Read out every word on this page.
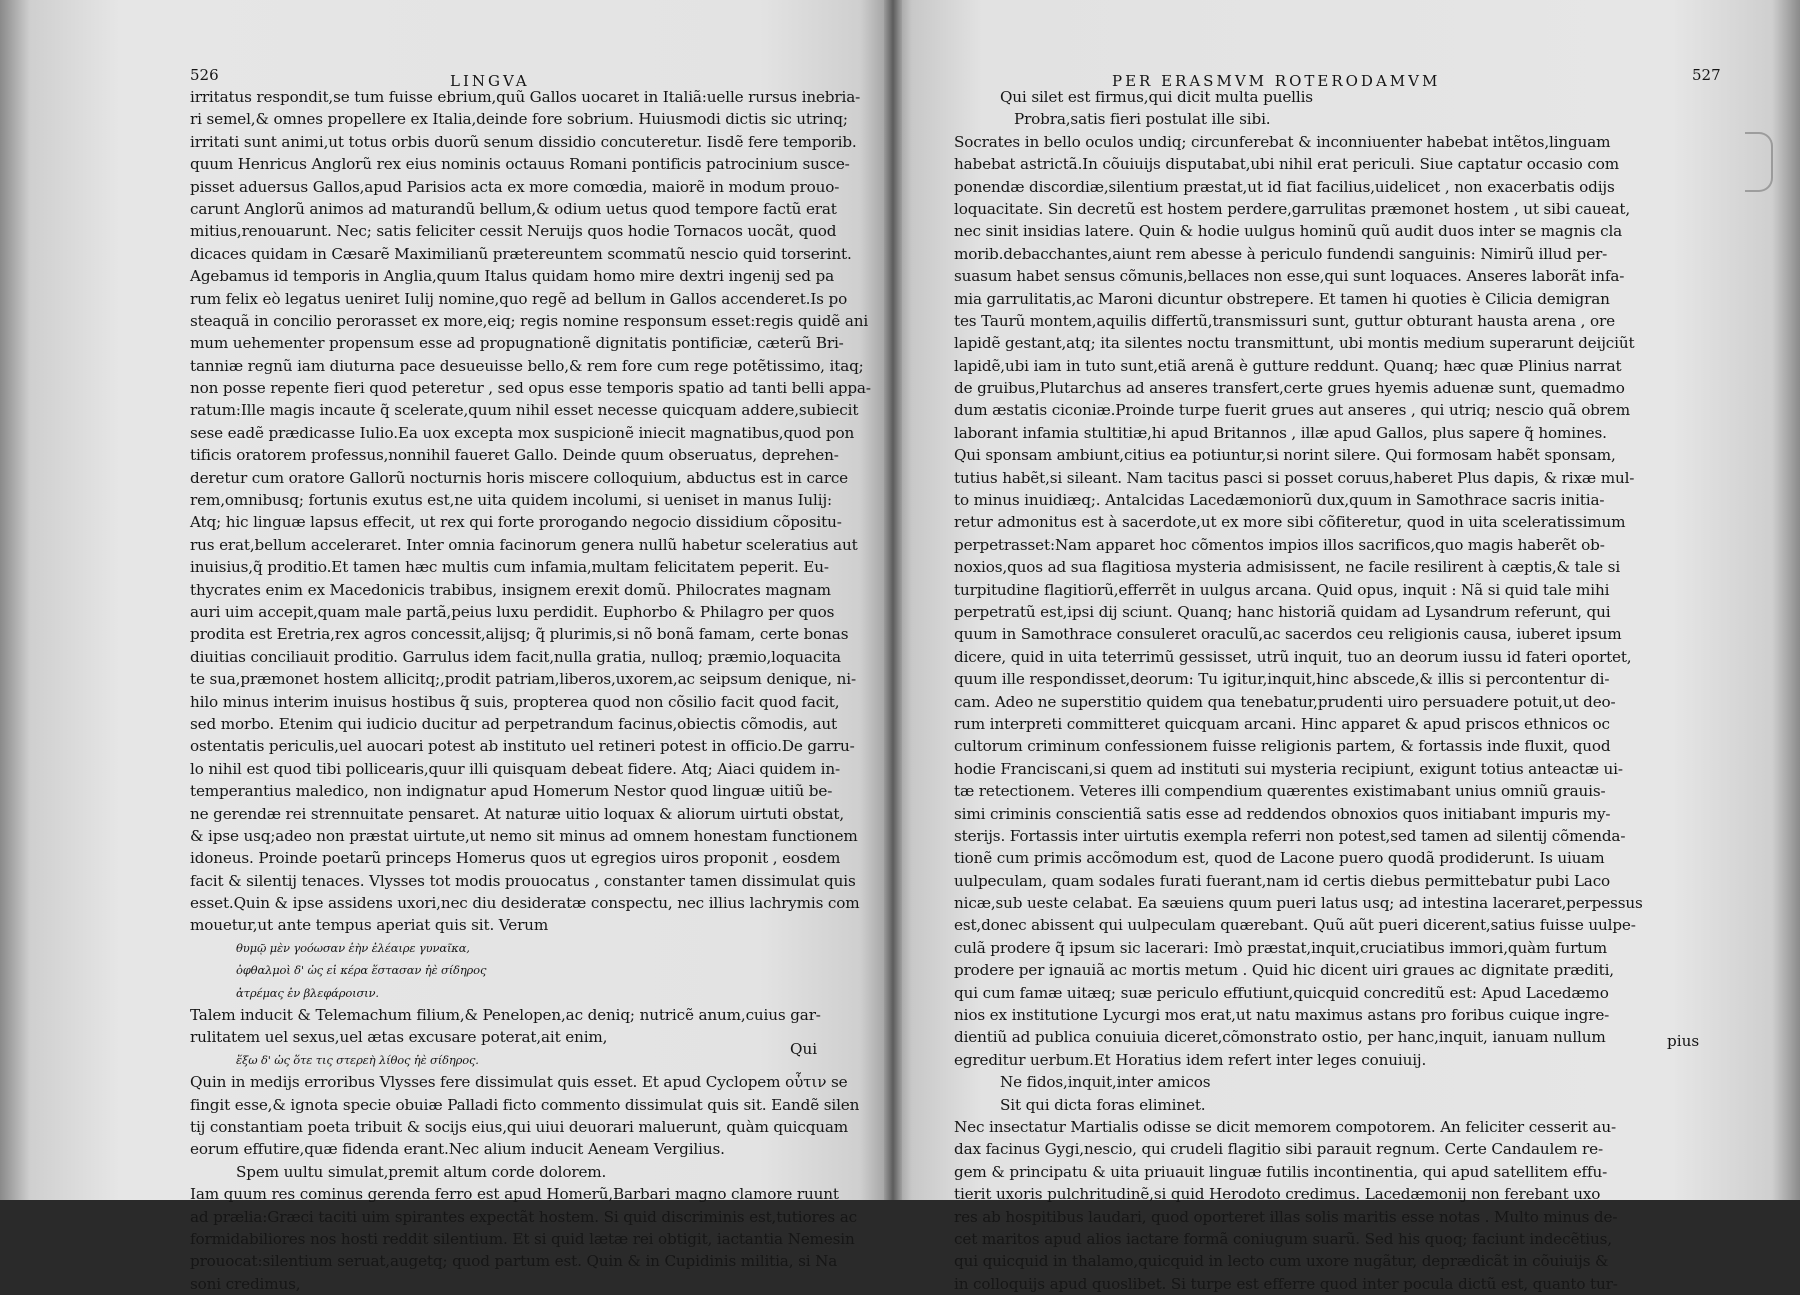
526	LINGVA
irritatus respondit,se tum fuisse ebrium,quũ Gallos uocaret in Italiã:uelle rursus inebria-
ri semel,& omnes propellere ex Italia,deinde fore sobrium. Huiusmodi dictis sic utrinq;
irritati sunt animi,ut totus orbis duorũ senum dissidio concuteretur. Iisdẽ fere temporib.
quum Henricus Anglorũ rex eius nominis octauus Romani pontificis patrocinium susce-
pisset aduersus Gallos,apud Parisios acta ex more comœdia, maiorẽ in modum prouo-
carunt Anglorũ animos ad maturandũ bellum,& odium uetus quod tempore factũ erat
mitius,renouarunt. Nec; satis feliciter cessit Neruijs quos hodie Tornacos uocãt, quod
dicaces quidam in Cæsarẽ Maximilianũ prætereuntem scommatũ nescio quid torserint.
Agebamus id temporis in Anglia,quum Italus quidam homo mire dextri ingenij sed pa
rum felix eò legatus ueniret Iulij nomine,quo regẽ ad bellum in Gallos accenderet.Is po
steaquã in concilio perorasset ex more,eiq; regis nomine responsum esset:regis quidẽ ani
mum uehementer propensum esse ad propugnationẽ dignitatis pontificiæ, cæterũ Bri-
tanniæ regnũ iam diuturna pace desueuisse bello,& rem fore cum rege potẽtissimo, itaq;
non posse repente fieri quod peteretur , sed opus esse temporis spatio ad tanti belli appa-
ratum:Ille magis incaute q̃ scelerate,quum nihil esset necesse quicquam addere,subiecit
sese eadẽ prædicasse Iulio.Ea uox excepta mox suspicionẽ iniecit magnatibus,quod pon
tificis oratorem professus,nonnihil faueret Gallo. Deinde quum obseruatus, deprehen-
deretur cum oratore Gallorũ nocturnis horis miscere colloquium, abductus est in carce
rem,omnibusq; fortunis exutus est,ne uita quidem incolumi, si ueniset in manus Iulij:
Atq; hic linguæ lapsus effecit, ut rex qui forte prorogando negocio dissidium cõpositu-
rus erat,bellum acceleraret. Inter omnia facinorum genera nullũ habetur sceleratius aut
inuisius,q̃ proditio.Et tamen hæc multis cum infamia,multam felicitatem peperit. Eu-
thycrates enim ex Macedonicis trabibus, insignem erexit domũ. Philocrates magnam
auri uim accepit,quam male partã,peius luxu perdidit. Euphorbo & Philagro per quos
prodita est Eretria,rex agros concessit,alijsq; q̃ plurimis,si nõ bonã famam, certe bonas
diuitias conciliauit proditio. Garrulus idem facit,nulla gratia, nulloq; præmio,loquacita
te sua,præmonet hostem allicitq;,prodit patriam,liberos,uxorem,ac seipsum denique, ni-
hilo minus interim inuisus hostibus q̃ suis, propterea quod non cõsilio facit quod facit,
sed morbo. Etenim qui iudicio ducitur ad perpetrandum facinus,obiectis cõmodis, aut
ostentatis periculis,uel auocari potest ab instituto uel retineri potest in officio.De garru-
lo nihil est quod tibi pollicearis,quur illi quisquam debeat fidere. Atq; Aiaci quidem in-
temperantius maledico, non indignatur apud Homerum Nestor quod linguæ uitiũ be-
ne gerendæ rei strennuitate pensaret. At naturæ uitio loquax & aliorum uirtuti obstat,
& ipse usq;adeo non præstat uirtute,ut nemo sit minus ad omnem honestam functionem
idoneus. Proinde poetarũ princeps Homerus quos ut egregios uiros proponit , eosdem
facit & silentij tenaces. Vlysses tot modis prouocatus , constanter tamen dissimulat quis
esset.Quin & ipse assidens uxori,nec diu desideratæ conspectu, nec illius lachrymis com
mouetur,ut ante tempus aperiat quis sit. Verum
θυμῷ μὲν γοόωσαν ἑὴν ἐλέαιρε γυναῖκα,
ὀφθαλμοὶ δ' ὡς εἰ κέρα ἕστασαν ἠὲ σίδηρος
ἀτρέμας ἐν βλεφάροισιν.
Talem inducit & Telemachum filium,& Penelopen,ac deniq; nutricẽ anum,cuius gar-
rulitatem uel sexus,uel ætas excusare poterat,ait enim,
ἕξω δ' ὡς ὅτε τις στερεὴ λίθος ἠὲ σίδηρος.
Quin in medijs erroribus Vlysses fere dissimulat quis esset. Et apud Cyclopem οὖτιν se
fingit esse,& ignota specie obuiæ Palladi ficto commento dissimulat quis sit. Eandẽ silen
tij constantiam poeta tribuit & socijs eius,qui uiui deuorari maluerunt, quàm quicquam
eorum effutire,quæ fidenda erant.Nec alium inducit Aeneam Vergilius.
Spem uultu simulat,premit altum corde dolorem.
Iam quum res cominus gerenda ferro est apud Homerũ,Barbari magno clamore ruunt
ad prælia:Græci taciti uim spirantes expectãt hostem. Si quid discriminis est,tutiores ac
formidabiliores nos hosti reddit silentium. Et si quid lætæ rei obtigit, iactantia Nemesin
prouocat:silentium seruat,augetq; quod partum est. Quin & in Cupidinis militia, si Na
soni credimus,
Qui
PER ERASMVM ROTERODAMVM	527
Qui silet est firmus,qui dicit multa puellis
Probra,satis fieri postulat ille sibi.
Socrates in bello oculos undiq; circunferebat & inconniuenter habebat intẽtos,linguam
habebat astrictã.In cõuiuijs disputabat,ubi nihil erat periculi. Siue captatur occasio com
ponendæ discordiæ,silentium præstat,ut id fiat facilius,uidelicet , non exacerbatis odijs
loquacitate. Sin decretũ est hostem perdere,garrulitas præmonet hostem , ut sibi caueat,
nec sinit insidias latere. Quin & hodie uulgus hominũ quũ audit duos inter se magnis cla
morib.debacchantes,aiunt rem abesse à periculo fundendi sanguinis: Nimirũ illud per-
suasum habet sensus cõmunis,bellaces non esse,qui sunt loquaces. Anseres laborãt infa-
mia garrulitatis,ac Maroni dicuntur obstrepere. Et tamen hi quoties è Cilicia demigran
tes Taurũ montem,aquilis differtũ,transmissuri sunt, guttur obturant hausta arena , ore
lapidẽ gestant,atq; ita silentes noctu transmittunt, ubi montis medium superarunt deijciũt
lapidẽ,ubi iam in tuto sunt,etiã arenã è gutture reddunt. Quanq; hæc quæ Plinius narrat
de gruibus,Plutarchus ad anseres transfert,certe grues hyemis aduenæ sunt, quemadmo
dum æstatis ciconiæ.Proinde turpe fuerit grues aut anseres , qui utriq; nescio quã obrem
laborant infamia stultitiæ,hi apud Britannos , illæ apud Gallos, plus sapere q̃ homines.
Qui sponsam ambiunt,citius ea potiuntur,si norint silere. Qui formosam habẽt sponsam,
tutius habẽt,si sileant. Nam tacitus pasci si posset coruus,haberet Plus dapis, & rixæ mul-
to minus inuidiæq;. Antalcidas Lacedæmoniorũ dux,quum in Samothrace sacris initia-
retur admonitus est à sacerdote,ut ex more sibi cõfiteretur, quod in uita sceleratissimum
perpetrasset:Nam apparet hoc cõmentos impios illos sacrificos,quo magis haberẽt ob-
noxios,quos ad sua flagitiosa mysteria admisissent, ne facile resilirent à cæptis,& tale si
turpitudine flagitiorũ,efferrẽt in uulgus arcana. Quid opus, inquit : Nã si quid tale mihi
perpetratũ est,ipsi dij sciunt. Quanq; hanc historiã quidam ad Lysandrum referunt, qui
quum in Samothrace consuleret oraculũ,ac sacerdos ceu religionis causa, iuberet ipsum
dicere, quid in uita teterrimũ gessisset, utrũ inquit, tuo an deorum iussu id fateri oportet,
quum ille respondisset,deorum: Tu igitur,inquit,hinc abscede,& illis si percontentur di-
cam. Adeo ne superstitio quidem qua tenebatur,prudenti uiro persuadere potuit,ut deo-
rum interpreti committeret quicquam arcani. Hinc apparet & apud priscos ethnicos oc
cultorum criminum confessionem fuisse religionis partem, & fortassis inde fluxit, quod
hodie Franciscani,si quem ad instituti sui mysteria recipiunt, exigunt totius anteactæ ui-
tæ retectionem. Veteres illi compendium quærentes existimabant unius omniũ grauis-
simi criminis conscientiã satis esse ad reddendos obnoxios quos initiabant impuris my-
sterijs. Fortassis inter uirtutis exempla referri non potest,sed tamen ad silentij cõmenda-
tionẽ cum primis accõmodum est, quod de Lacone puero quodã prodiderunt. Is uiuam
uulpeculam, quam sodales furati fuerant,nam id certis diebus permittebatur pubi Laco
nicæ,sub ueste celabat. Ea sæuiens quum pueri latus usq; ad intestina laceraret,perpessus
est,donec abissent qui uulpeculam quærebant. Quũ aũt pueri dicerent,satius fuisse uulpe-
culã prodere q̃ ipsum sic lacerari: Imò præstat,inquit,cruciatibus immori,quàm furtum
prodere per ignauiã ac mortis metum . Quid hic dicent uiri graues ac dignitate præditi,
qui cum famæ uitæq; suæ periculo effutiunt,quicquid concreditũ est: Apud Lacedæmo
nios ex institutione Lycurgi mos erat,ut natu maximus astans pro foribus cuique ingre-
dientiũ ad publica conuiuia diceret,cõmonstrato ostio, per hanc,inquit, ianuam nullum
egreditur uerbum.Et Horatius idem refert inter leges conuiuij.
Ne fidos,inquit,inter amicos
Sit qui dicta foras eliminet.
Nec insectatur Martialis odisse se dicit memorem compotorem. An feliciter cesserit au-
dax facinus Gygi,nescio, qui crudeli flagitio sibi parauit regnum. Certe Candaulem re-
gem & principatu & uita priuauit linguæ futilis incontinentia, qui apud satellitem effu-
tierit uxoris pulchritudinẽ,si quid Herodoto credimus. Lacedæmonij non ferebant uxo
res ab hospitibus laudari, quod oporteret illas solis maritis esse notas . Multo minus de-
cet maritos apud alios iactare formã coniugum suarũ. Sed his quoq; faciunt indecẽtius,
qui quicquid in thalamo,quicquid in lecto cum uxore nugãtur, deprædicãt in cõuiuijs &
in colloquijs apud quoslibet. Si turpe est efferre quod inter pocula dictũ est, quanto tur-
pius
